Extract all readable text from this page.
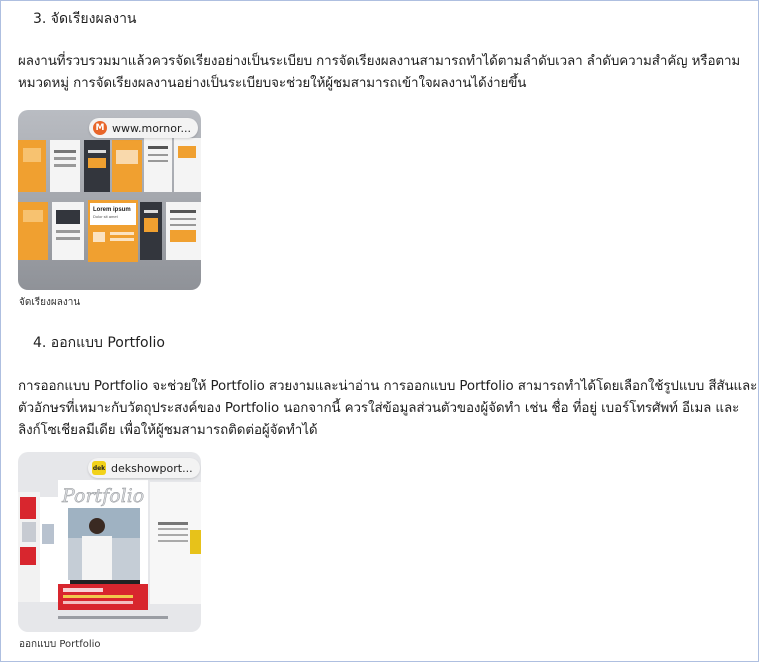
3. จัดเรียงผลงาน
ผลงานที่รวบรวมมาแล้วควรจัดเรียงอย่างเป็นระเบียบ การจัดเรียงผลงานสามารถทำได้ตามลำดับเวลา ลำดับความสำคัญ หรือตามหมวดหมู่ การจัดเรียงผลงานอย่างเป็นระเบียบจะช่วยให้ผู้ชมสามารถเข้าใจผลงานได้ง่ายขึ้น
Lorem ipsum
Dolor sit amet
M www.mornor...
จัดเรียงผลงาน
4. ออกแบบ Portfolio
การออกแบบ Portfolio จะช่วยให้ Portfolio สวยงามและน่าอ่าน การออกแบบ Portfolio สามารถทำได้โดยเลือกใช้รูปแบบ สีสันและตัวอักษรที่เหมาะกับวัตถุประสงค์ของ Portfolio นอกจากนี้ ควรใส่ข้อมูลส่วนตัวของผู้จัดทำ เช่น ชื่อ ที่อยู่ เบอร์โทรศัพท์ อีเมล และลิงก์โซเชียลมีเดีย เพื่อให้ผู้ชมสามารถติดต่อผู้จัดทำได้
Portfolio
dek dekshowport...
ออกแบบ Portfolio
